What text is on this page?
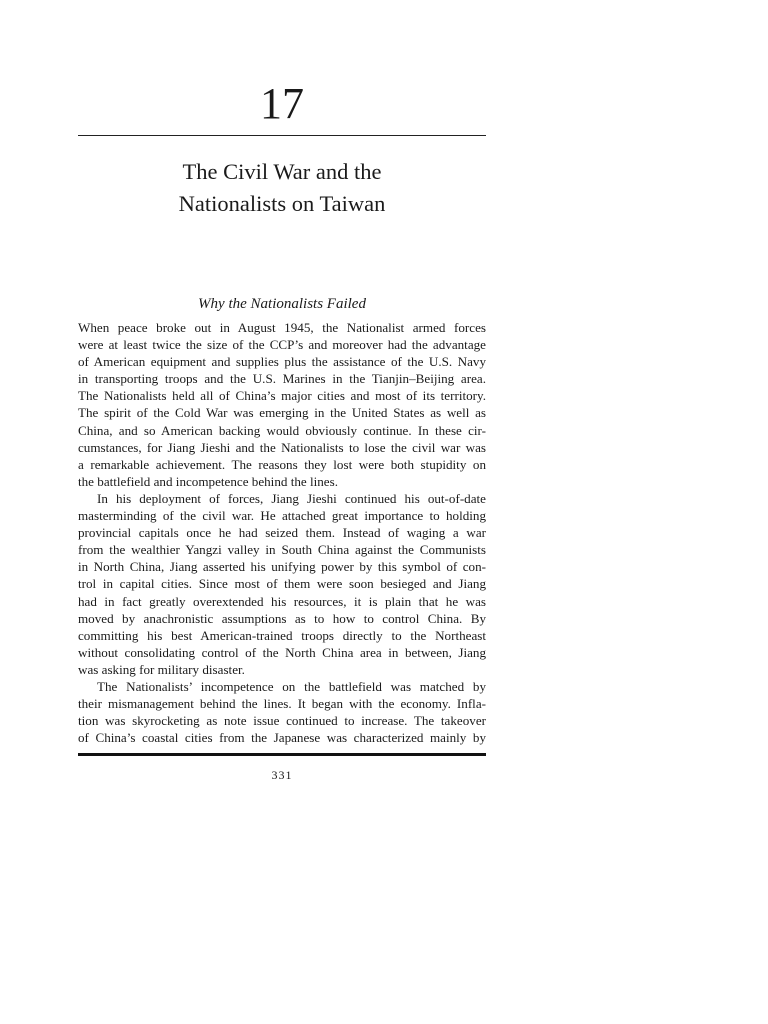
17
The Civil War and the
Nationalists on Taiwan
Why the Nationalists Failed
When peace broke out in August 1945, the Nationalist armed forces
were at least twice the size of the CCP’s and moreover had the advantage
of American equipment and supplies plus the assistance of the U.S. Navy
in transporting troops and the U.S. Marines in the Tianjin–Beijing area.
The Nationalists held all of China’s major cities and most of its territory.
The spirit of the Cold War was emerging in the United States as well as
China, and so American backing would obviously continue. In these cir-
cumstances, for Jiang Jieshi and the Nationalists to lose the civil war was
a remarkable achievement. The reasons they lost were both stupidity on
the battlefield and incompetence behind the lines.
In his deployment of forces, Jiang Jieshi continued his out-of-date
masterminding of the civil war. He attached great importance to holding
provincial capitals once he had seized them. Instead of waging a war
from the wealthier Yangzi valley in South China against the Communists
in North China, Jiang asserted his unifying power by this symbol of con-
trol in capital cities. Since most of them were soon besieged and Jiang
had in fact greatly overextended his resources, it is plain that he was
moved by anachronistic assumptions as to how to control China. By
committing his best American-trained troops directly to the Northeast
without consolidating control of the North China area in between, Jiang
was asking for military disaster.
The Nationalists’ incompetence on the battlefield was matched by
their mismanagement behind the lines. It began with the economy. Infla-
tion was skyrocketing as note issue continued to increase. The takeover
of China’s coastal cities from the Japanese was characterized mainly by
331
